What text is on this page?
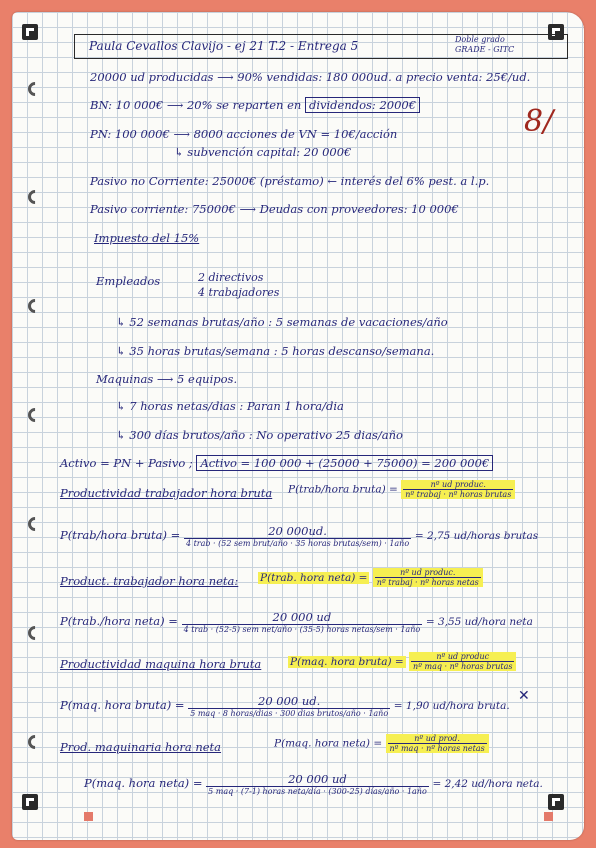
Paula Cevallos Clavijo - ej 21 T.2 - Entrega 5	Doble grado
GRADE - GITC
8/
20000 ud producidas ⟶ 90% vendidas: 180 000ud. a precio venta: 25€/ud.
BN: 10 000€ ⟶ 20% se reparten en dividendos: 2000€
PN: 100 000€ ⟶ 8000 acciones de VN = 10€/acción
↳ subvención capital: 20 000€
Pasivo no Corriente: 25000€ (préstamo) ← interés del 6% pest. a l.p.
Pasivo corriente: 75000€ ⟶ Deudas con proveedores: 10 000€
Impuesto del 15%
Empleados	2 directivos
4 trabajadores
↳ 52 semanas brutas/año : 5 semanas de vacaciones/año
↳ 35 horas brutas/semana : 5 horas descanso/semana.
Maquinas ⟶ 5 equipos.
↳ 7 horas netas/dias : Paran 1 hora/dia
↳ 300 días brutos/año : No operativo 25 dias/año
Activo = PN + Pasivo ; Activo = 100 000 + (25000 + 75000) = 200 000€
Productividad trabajador hora bruta P(trab/hora bruta) = $\frac{\text{nº ud produc.}}{\text{nº trabaj · nº horas brutas}}$
P(trab/hora bruta) = $\frac{20 000ud.}{\text{4 trab · (52 sem brut/año · 35 horas brutas/sem) · 1año}} = 2,75$ ud/horas brutas
Product. trabajador hora neta: P(trab. hora neta) = $\frac{\text{nº ud produc.}}{\text{nº trabaj · nº horas netas}}$
P(trab./hora neta) = $\frac{20 000 ud}{\text{4 trab · (52-5) sem net/año · (35-5) horas netas/sem · 1año}} = 3,55$ ud/hora neta
Productividad maquina hora bruta	P(maq. hora bruta) = $\frac{\text{nº ud produc}}{\text{nº maq · nº horas brutas}}$
P(maq. hora bruta) = $\frac{20 000 ud.}{\text{5 maq · 8 horas/dias · 300 dias brutos/año · 1año}} = 1,90$ ud/hora bruta.
✕
Prod. maquinaria hora neta	P(maq. hora neta) = $\frac{\text{nº ud prod.}}{\text{nº maq · nº horas netas}}$
P(maq. hora neta) = $\frac{20 000 ud}{\text{5 maq · (7-1) horas neta/día · (300-25) días/año · 1año}} = 2,42$ ud/hora neta.
